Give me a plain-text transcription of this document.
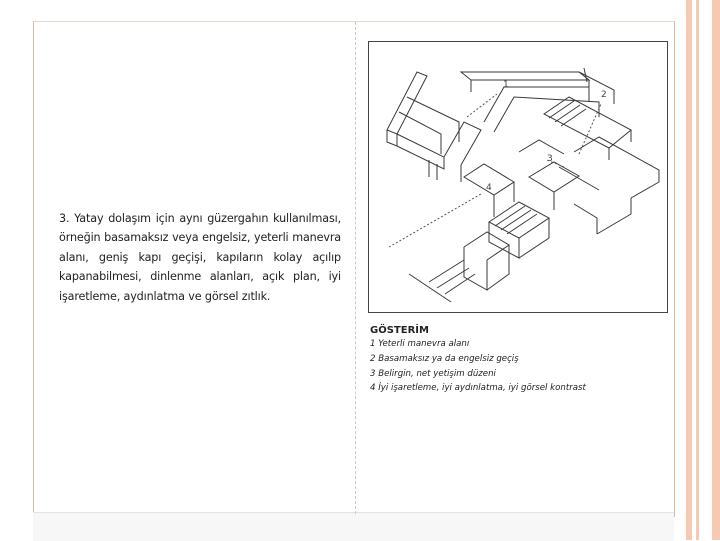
3. Yatay dolaşım için aynı güzergahın kullanılması, örneğin basamaksız veya engelsiz, yeterli manevra alanı, geniş kapı geçişi, kapıların kolay açılıp kapanabilmesi, dinlenme alanları, açık plan, iyi işaretleme, aydınlatma ve görsel zıtlık.
1
2
3
4
GÖSTERİM
1 Yeterli manevra alanı
2 Basamaksız ya da engelsiz geçiş
3 Belirgin, net yetişim düzeni
4 İyi işaretleme, iyi aydınlatma, iyi görsel kontrast
